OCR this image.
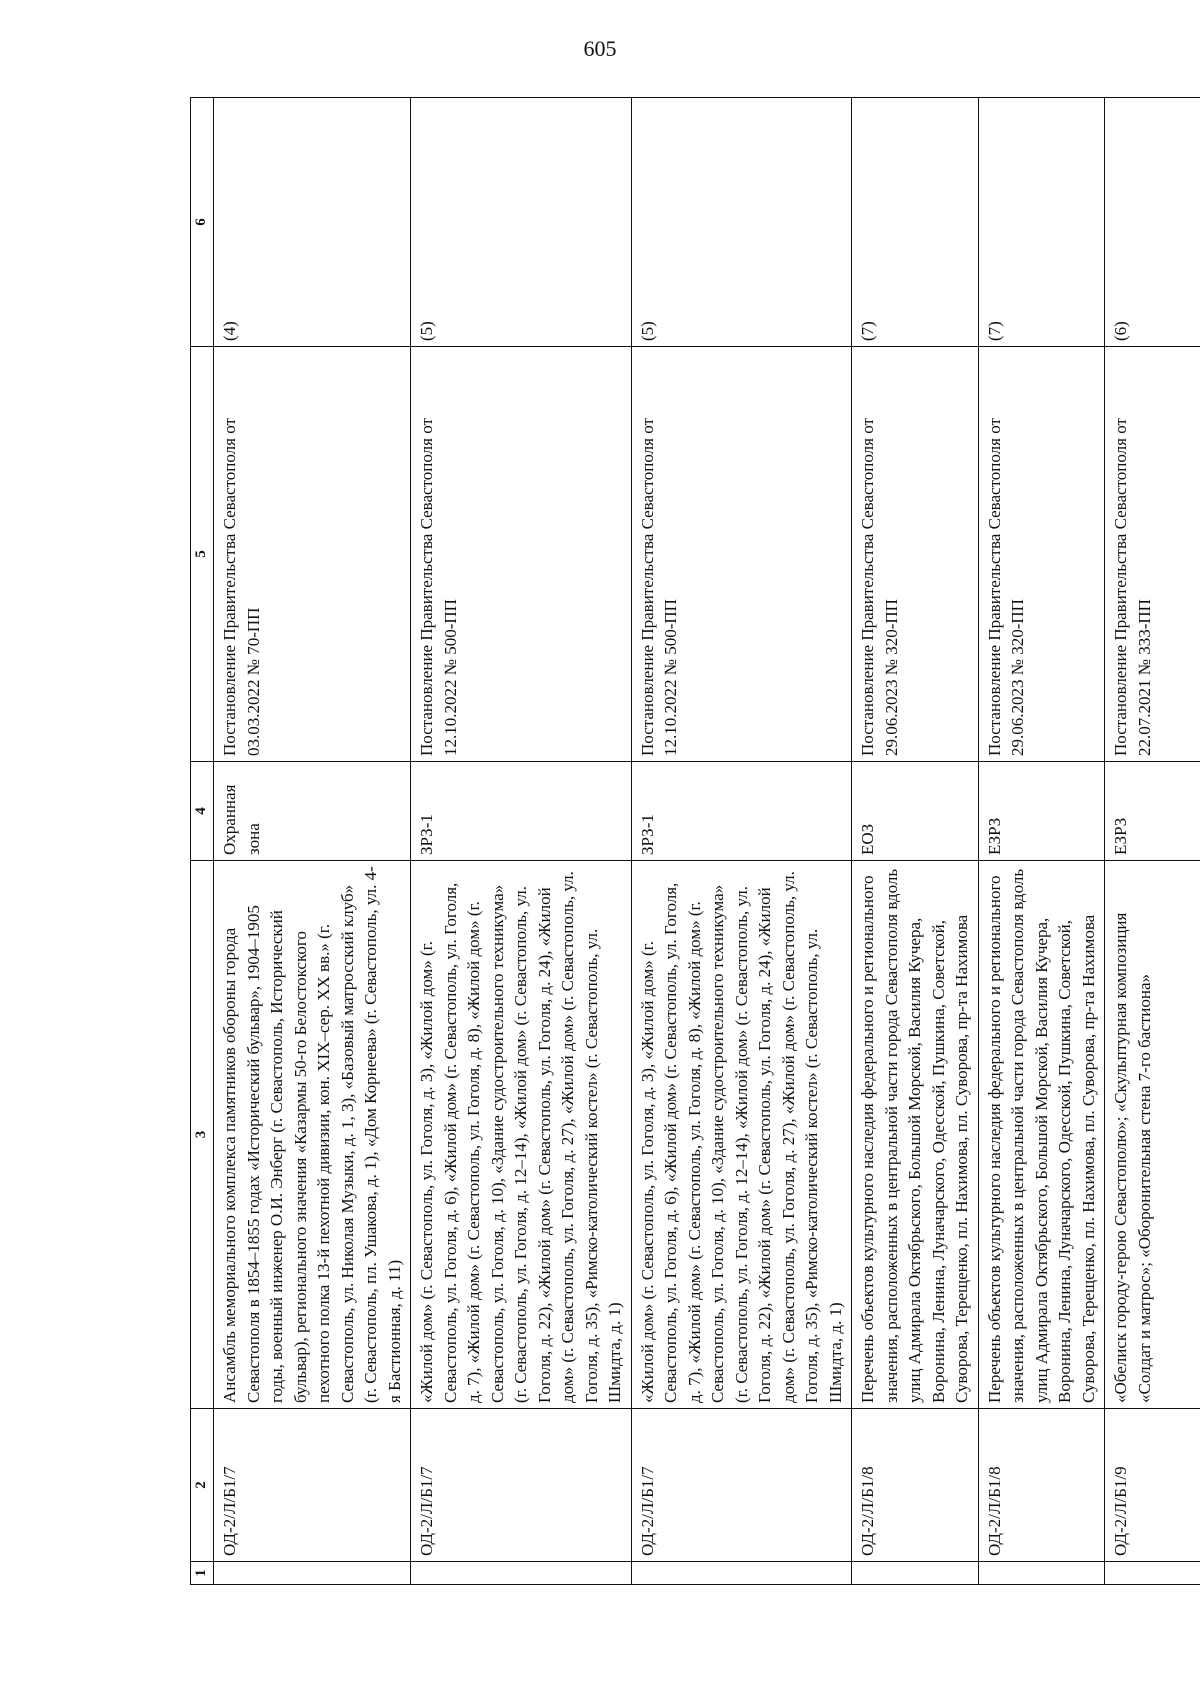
605
1	2	3	4	5	6
	ОД-2/Л/Б1/7	Ансамбль мемориального комплекса памятников обороны города Севастополя в 1854–1855 годах «Исторический бульвар», 1904–1905 годы, военный инженер О.И. Энберг (г. Севастополь, Исторический бульвар), регионального значения «Казармы 50-го Белостокского пехотного полка 13-й пехотной дивизии, кон. XIX–сер. XX вв.» (г. Севастополь, ул. Николая Музыки, д. 1, 3), «Базовый матросский клуб» (г. Севастополь, пл. Ушакова, д. 1), «Дом Корнеева» (г. Севастополь, ул. 4-я Бастионная, д. 11)	Охранная зона	Постановление Правительства Севастополя от 03.03.2022 № 70-ПП	(4)
	ОД-2/Л/Б1/7	«Жилой дом» (г. Севастополь, ул. Гоголя, д. 3), «Жилой дом» (г. Севастополь, ул. Гоголя, д. 6), «Жилой дом» (г. Севастополь, ул. Гоголя, д. 7), «Жилой дом» (г. Севастополь, ул. Гоголя, д. 8), «Жилой дом» (г. Севастополь, ул. Гоголя, д. 10), «Здание судостроительного техникума» (г. Севастополь, ул. Гоголя, д. 12–14), «Жилой дом» (г. Севастополь, ул. Гоголя, д. 22), «Жилой дом» (г. Севастополь, ул. Гоголя, д. 24), «Жилой дом» (г. Севастополь, ул. Гоголя, д. 27), «Жилой дом» (г. Севастополь, ул. Гоголя, д. 35), «Римско-католический костел» (г. Севастополь, ул. Шмидта, д. 1)	ЗРЗ-1	Постановление Правительства Севастополя от 12.10.2022 № 500-ПП	(5)
	ОД-2/Л/Б1/7	«Жилой дом» (г. Севастополь, ул. Гоголя, д. 3), «Жилой дом» (г. Севастополь, ул. Гоголя, д. 6), «Жилой дом» (г. Севастополь, ул. Гоголя, д. 7), «Жилой дом» (г. Севастополь, ул. Гоголя, д. 8), «Жилой дом» (г. Севастополь, ул. Гоголя, д. 10), «Здание судостроительного техникума» (г. Севастополь, ул. Гоголя, д. 12–14), «Жилой дом» (г. Севастополь, ул. Гоголя, д. 22), «Жилой дом» (г. Севастополь, ул. Гоголя, д. 24), «Жилой дом» (г. Севастополь, ул. Гоголя, д. 27), «Жилой дом» (г. Севастополь, ул. Гоголя, д. 35), «Римско-католический костел» (г. Севастополь, ул. Шмидта, д. 1)	ЗРЗ-1	Постановление Правительства Севастополя от 12.10.2022 № 500-ПП	(5)
	ОД-2/Л/Б1/8	Перечень объектов культурного наследия федерального и регионального значения, расположенных в центральной части города Севастополя вдоль улиц Адмирала Октябрьского, Большой Морской, Василия Кучера, Воронина, Ленина, Луначарского, Одесской, Пушкина, Советской, Суворова, Терещенко, пл. Нахимова, пл. Суворова, пр-та Нахимова	ЕОЗ	Постановление Правительства Севастополя от 29.06.2023 № 320-ПП	(7)
	ОД-2/Л/Б1/8	Перечень объектов культурного наследия федерального и регионального значения, расположенных в центральной части города Севастополя вдоль улиц Адмирала Октябрьского, Большой Морской, Василия Кучера, Воронина, Ленина, Луначарского, Одесской, Пушкина, Советской, Суворова, Терещенко, пл. Нахимова, пл. Суворова, пр-та Нахимова	ЕЗРЗ	Постановление Правительства Севастополя от 29.06.2023 № 320-ПП	(7)
	ОД-2/Л/Б1/9	«Обелиск городу-герою Севастополю»; «Скульптурная композиция «Солдат и матрос»; «Оборонительная стена 7-го бастиона»	ЕЗРЗ	Постановление Правительства Севастополя от 22.07.2021 № 333-ПП	(6)
